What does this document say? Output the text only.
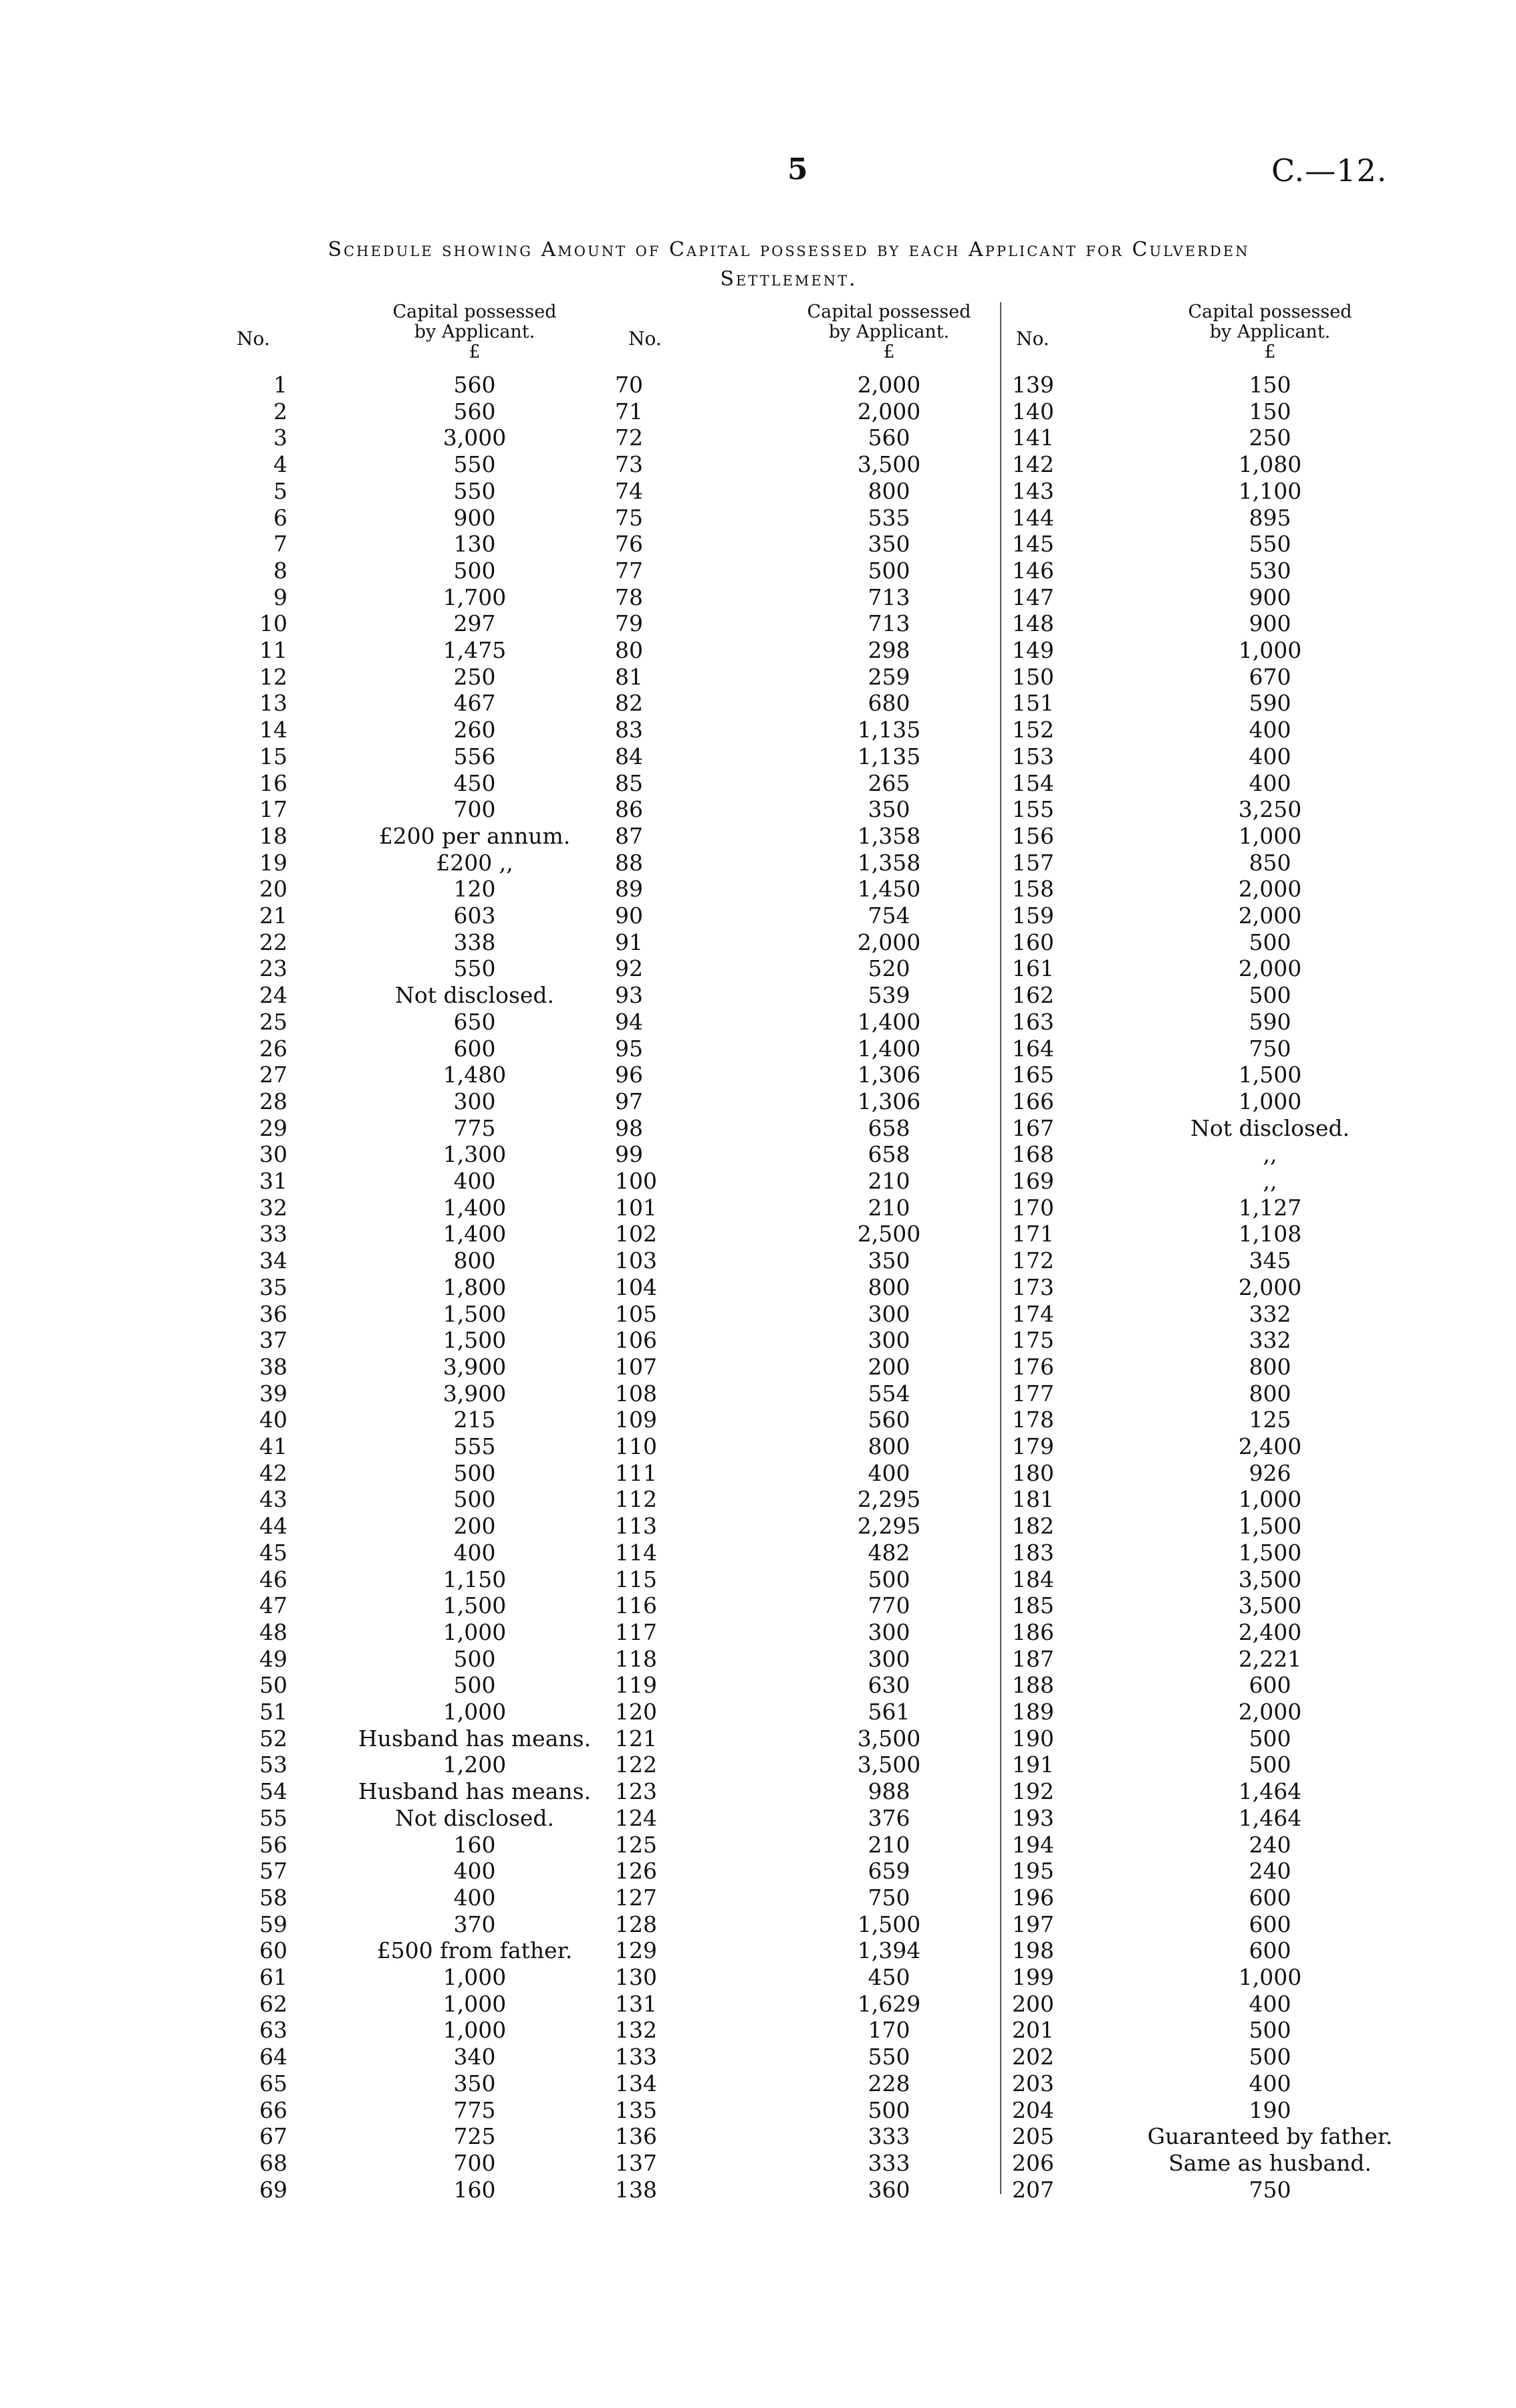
5	C.—12.
Schedule showing Amount of Capital possessed by each Applicant for Culverden
Settlement.
No.
Capital possessed
by Applicant.
£
1	560
2	560
3	3,000
4	550
5	550
6	900
7	130
8	500
9	1,700
10	297
11	1,475
12	250
13	467
14	260
15	556
16	450
17	700
18	£200 per annum.
19	£200 ,,
20	120
21	603
22	338
23	550
24	Not disclosed.
25	650
26	600
27	1,480
28	300
29	775
30	1,300
31	400
32	1,400
33	1,400
34	800
35	1,800
36	1,500
37	1,500
38	3,900
39	3,900
40	215
41	555
42	500
43	500
44	200
45	400
46	1,150
47	1,500
48	1,000
49	500
50	500
51	1,000
52	Husband has means.
53	1,200
54	Husband has means.
55	Not disclosed.
56	160
57	400
58	400
59	370
60	£500 from father.
61	1,000
62	1,000
63	1,000
64	340
65	350
66	775
67	725
68	700
69	160
No.
Capital possessed
by Applicant.
£
70	2,000
71	2,000
72	560
73	3,500
74	800
75	535
76	350
77	500
78	713
79	713
80	298
81	259
82	680
83	1,135
84	1,135
85	265
86	350
87	1,358
88	1,358
89	1,450
90	754
91	2,000
92	520
93	539
94	1,400
95	1,400
96	1,306
97	1,306
98	658
99	658
100	210
101	210
102	2,500
103	350
104	800
105	300
106	300
107	200
108	554
109	560
110	800
111	400
112	2,295
113	2,295
114	482
115	500
116	770
117	300
118	300
119	630
120	561
121	3,500
122	3,500
123	988
124	376
125	210
126	659
127	750
128	1,500
129	1,394
130	450
131	1,629
132	170
133	550
134	228
135	500
136	333
137	333
138	360
No.
Capital possessed
by Applicant.
£
139	150
140	150
141	250
142	1,080
143	1,100
144	895
145	550
146	530
147	900
148	900
149	1,000
150	670
151	590
152	400
153	400
154	400
155	3,250
156	1,000
157	850
158	2,000
159	2,000
160	500
161	2,000
162	500
163	590
164	750
165	1,500
166	1,000
167	Not disclosed.
168	,,
169	,,
170	1,127
171	1,108
172	345
173	2,000
174	332
175	332
176	800
177	800
178	125
179	2,400
180	926
181	1,000
182	1,500
183	1,500
184	3,500
185	3,500
186	2,400
187	2,221
188	600
189	2,000
190	500
191	500
192	1,464
193	1,464
194	240
195	240
196	600
197	600
198	600
199	1,000
200	400
201	500
202	500
203	400
204	190
205	Guaranteed by father.
206	Same as husband.
207	750
